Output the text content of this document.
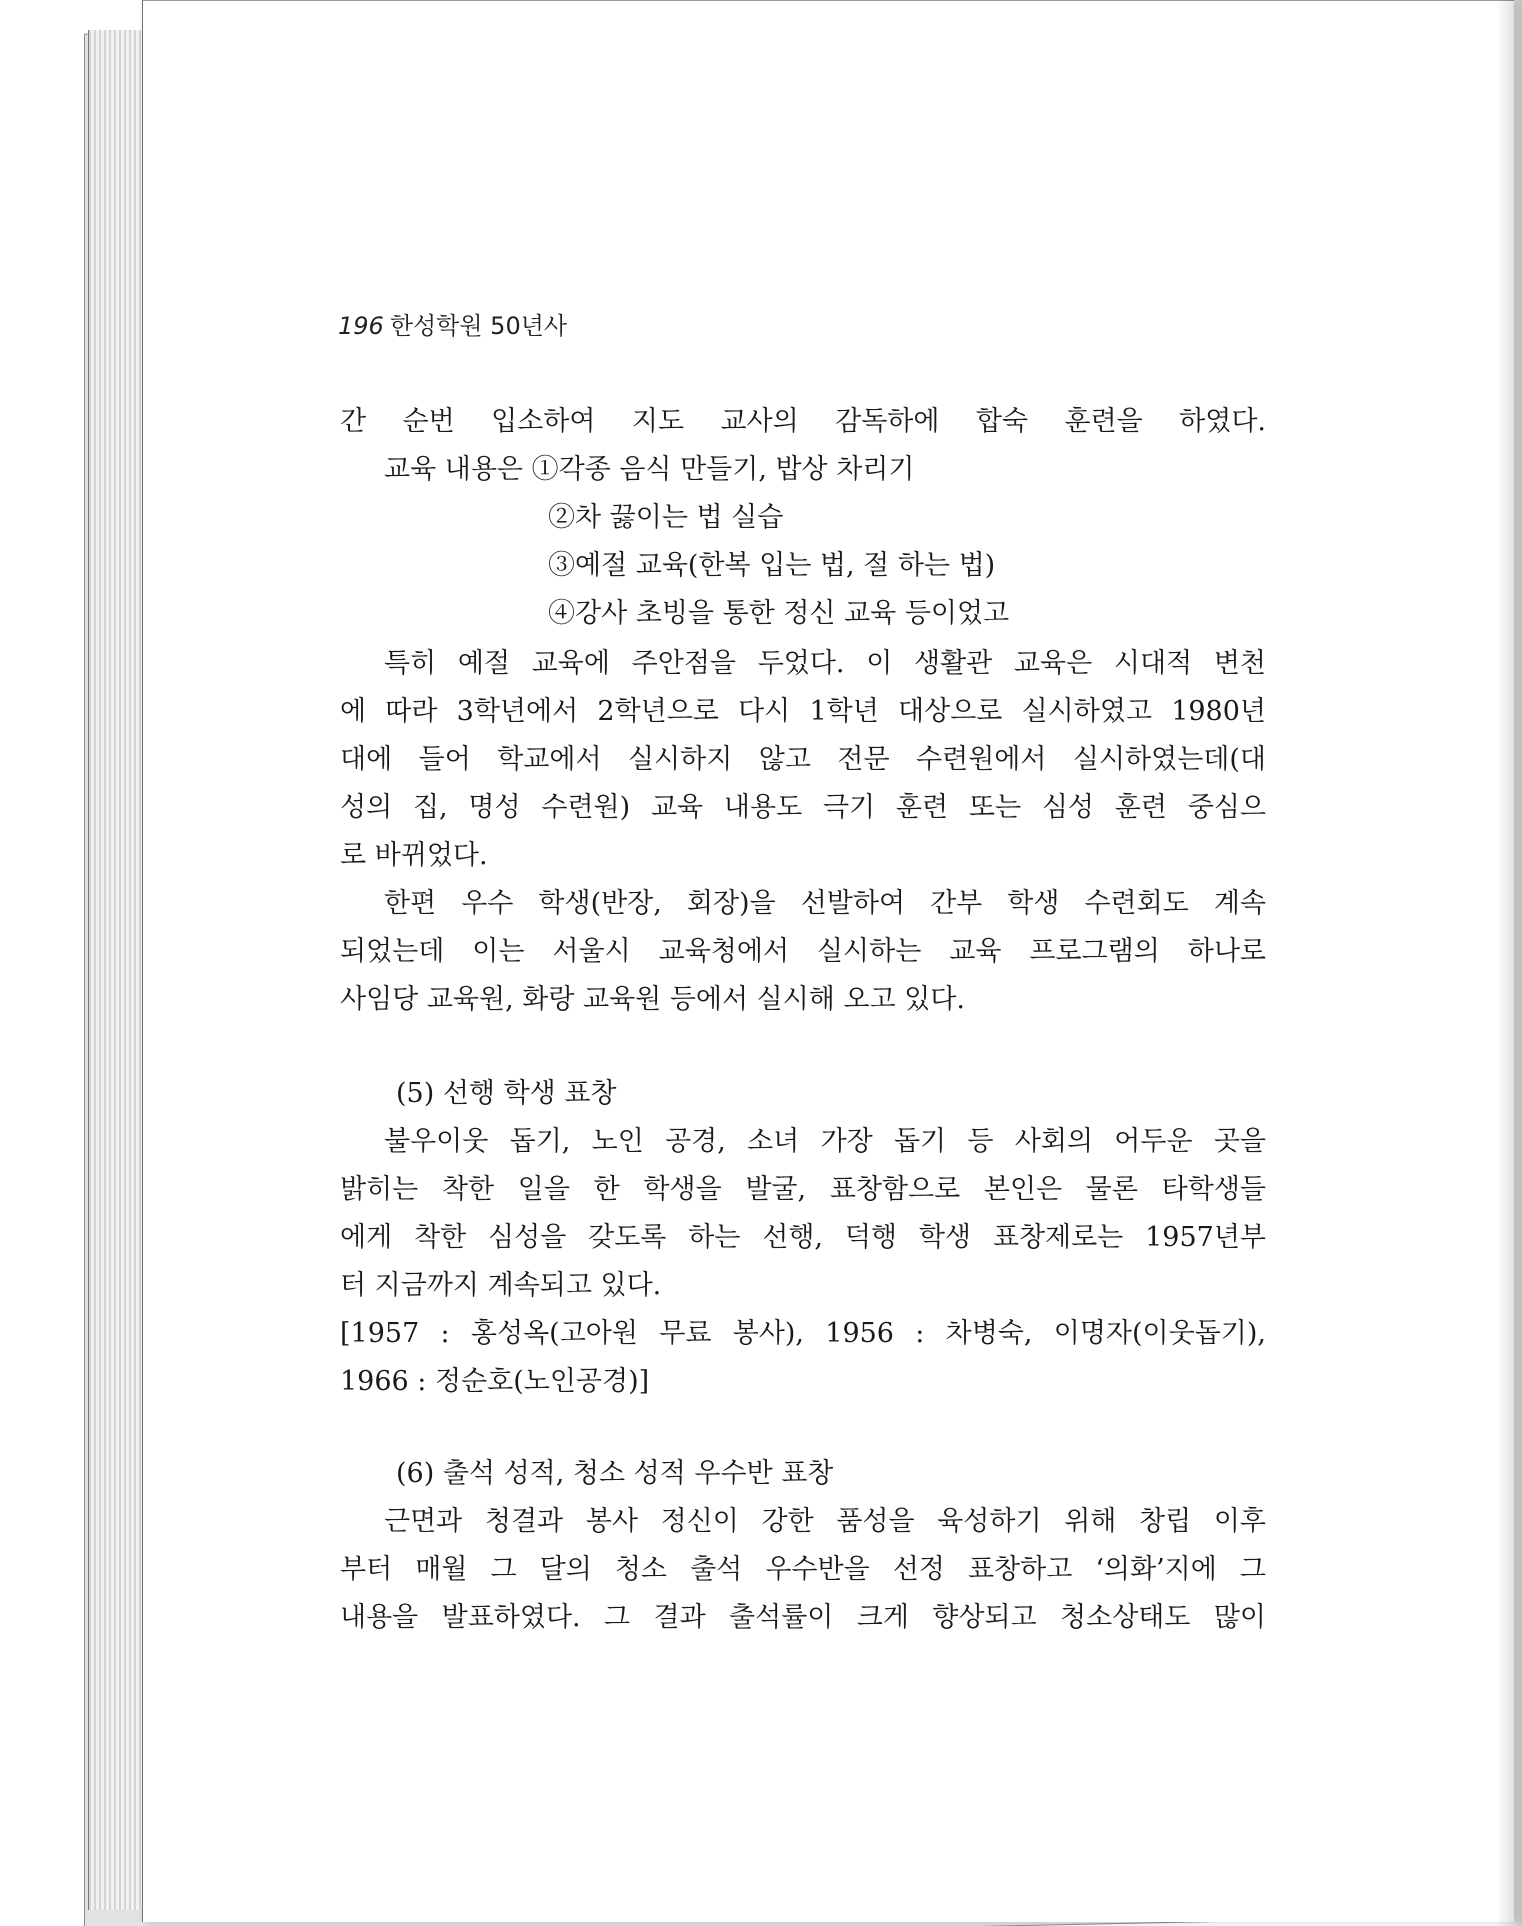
196 한성학원 50년사
간 순번 입소하여 지도 교사의 감독하에 합숙 훈련을 하였다.
교육 내용은 ①각종 음식 만들기, 밥상 차리기
②차 끓이는 법 실습
③예절 교육(한복 입는 법, 절 하는 법)
④강사 초빙을 통한 정신 교육 등이었고
특히 예절 교육에 주안점을 두었다. 이 생활관 교육은 시대적 변천
에 따라 3학년에서 2학년으로 다시 1학년 대상으로 실시하였고 1980년
대에 들어 학교에서 실시하지 않고 전문 수련원에서 실시하였는데(대
성의 집, 명성 수련원) 교육 내용도 극기 훈련 또는 심성 훈련 중심으
로 바뀌었다.
한편 우수 학생(반장, 회장)을 선발하여 간부 학생 수련회도 계속
되었는데 이는 서울시 교육청에서 실시하는 교육 프로그램의 하나로
사임당 교육원, 화랑 교육원 등에서 실시해 오고 있다.
(5) 선행 학생 표창
불우이웃 돕기, 노인 공경, 소녀 가장 돕기 등 사회의 어두운 곳을
밝히는 착한 일을 한 학생을 발굴, 표창함으로 본인은 물론 타학생들
에게 착한 심성을 갖도록 하는 선행, 덕행 학생 표창제로는 1957년부
터 지금까지 계속되고 있다.
[1957 : 홍성옥(고아원 무료 봉사), 1956 : 차병숙, 이명자(이웃돕기),
1966 : 정순호(노인공경)]
(6) 출석 성적, 청소 성적 우수반 표창
근면과 청결과 봉사 정신이 강한 품성을 육성하기 위해 창립 이후
부터 매월 그 달의 청소 출석 우수반을 선정 표창하고 ‘의화’지에 그
내용을 발표하였다. 그 결과 출석률이 크게 향상되고 청소상태도 많이
